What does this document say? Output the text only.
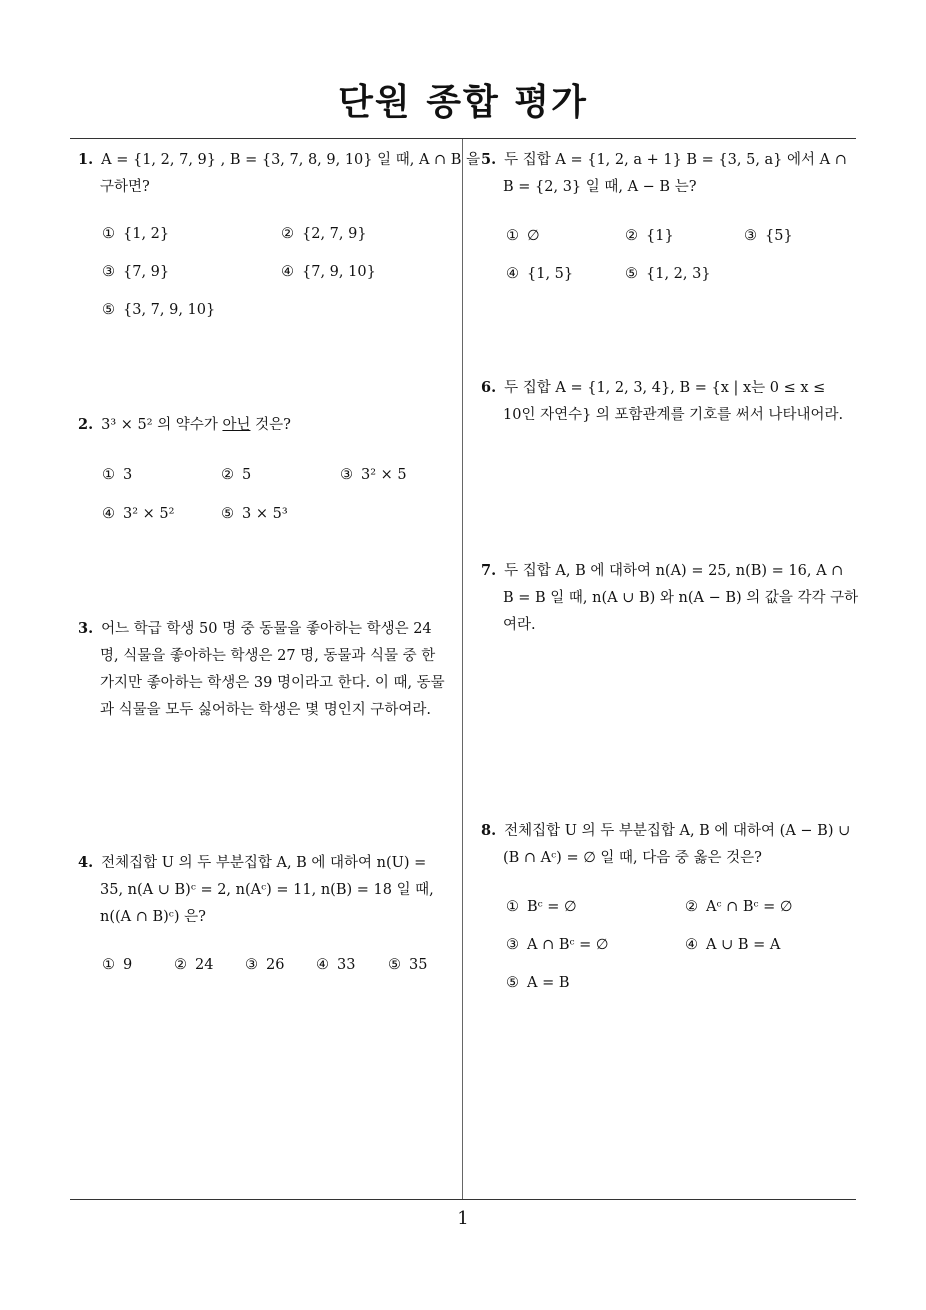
단원 종합 평가
1
1. A = {1, 2, 7, 9} , B = {3, 7, 8, 9, 10} 일 때, A ∩ B 을
구하면?
① {1, 2}	② {2, 7, 9}
③ {7, 9}	④ {7, 9, 10}
⑤ {3, 7, 9, 10}
2. 3³ × 5² 의 약수가 아닌 것은?
① 3	② 5	③ 3² × 5
④ 3² × 5²	⑤ 3 × 5³
3. 어느 학급 학생 50 명 중 동물을 좋아하는 학생은 24
명, 식물을 좋아하는 학생은 27 명, 동물과 식물 중 한
가지만 좋아하는 학생은 39 명이라고 한다. 이 때, 동물
과 식물을 모두 싫어하는 학생은 몇 명인지 구하여라.
4. 전체집합 U 의 두 부분집합 A, B 에 대하여 n(U) =
35, n(A ∪ B)ᶜ = 2, n(Aᶜ) = 11, n(B) = 18 일 때,
n((A ∩ B)ᶜ) 은?
① 9	② 24 ③ 26 ④ 33 ⑤ 35
5. 두 집합 A = {1, 2, a + 1} B = {3, 5, a} 에서 A ∩
B = {2, 3} 일 때, A − B 는?
① ∅	② {1}	③ {5}
④ {1, 5}	⑤ {1, 2, 3}
6. 두 집합 A = {1, 2, 3, 4}, B = {x | x는 0 ≤ x ≤
10인 자연수} 의 포함관계를 기호를 써서 나타내어라.
7. 두 집합 A, B 에 대하여 n(A) = 25, n(B) = 16, A ∩
B = B 일 때, n(A ∪ B) 와 n(A − B) 의 값을 각각 구하
여라.
8. 전체집합 U 의 두 부분집합 A, B 에 대하여 (A − B) ∪
(B ∩ Aᶜ) = ∅ 일 때, 다음 중 옳은 것은?
① Bᶜ = ∅	② Aᶜ ∩ Bᶜ = ∅
③ A ∩ Bᶜ = ∅	④ A ∪ B = A
⑤ A = B
